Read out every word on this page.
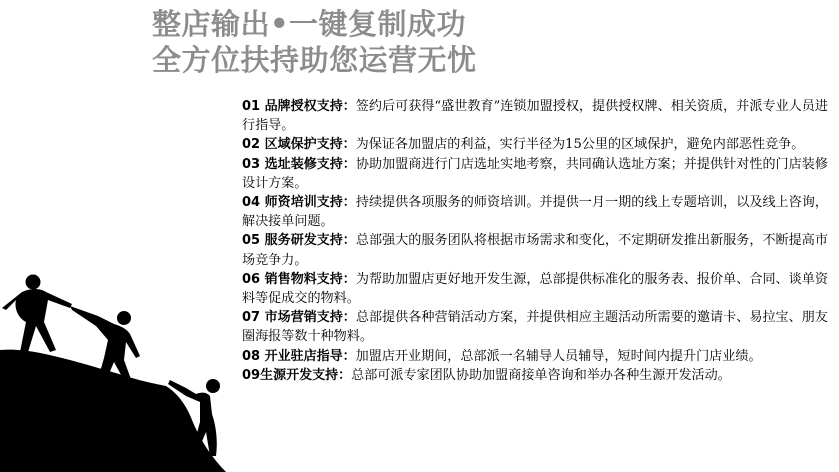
整店输出•一键复制成功
全方位扶持助您运营无忧

01 品牌授权支持：签约后可获得“盛世教育”连锁加盟授权，提供授权牌、相关资质，并派专业人员进行指导。

02 区域保护支持：为保证各加盟店的利益，实行半径为15公里的区域保护，避免内部恶性竞争。

03 选址装修支持：协助加盟商进行门店选址实地考察，共同确认选址方案；并提供针对性的门店装修设计方案。

04 师资培训支持：持续提供各项服务的师资培训。并提供一月一期的线上专题培训，以及线上咨询，解决接单问题。

05 服务研发支持：总部强大的服务团队将根据市场需求和变化，不定期研发推出新服务，不断提高市场竞争力。

06 销售物料支持：为帮助加盟店更好地开发生源，总部提供标准化的服务表、报价单、合同、谈单资料等促成交的物料。

07 市场营销支持：总部提供各种营销活动方案，并提供相应主题活动所需要的邀请卡、易拉宝、朋友圈海报等数十种物料。

08 开业驻店指导：加盟店开业期间，总部派一名辅导人员辅导，短时间内提升门店业绩。

09生源开发支持：总部可派专家团队协助加盟商接单咨询和举办各种生源开发活动。
